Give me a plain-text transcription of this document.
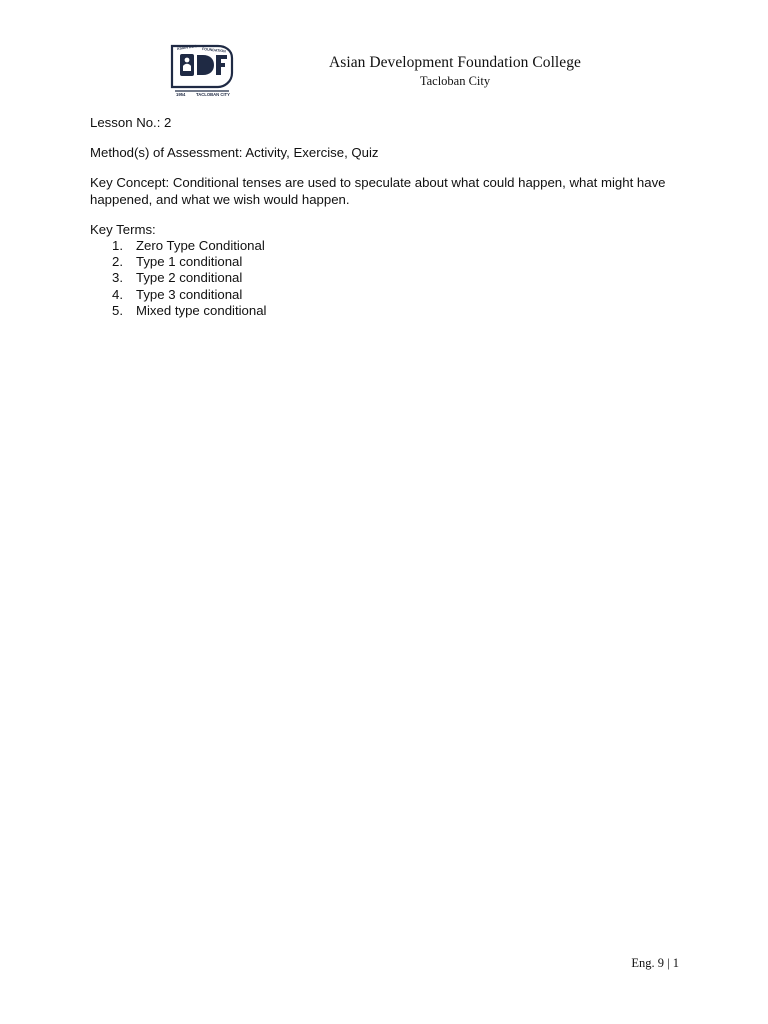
1954	TACLOBAN CITY
ASIAN DEV. FOUNDATION
Asian Development Foundation College
Tacloban City
Lesson No.: 2
Method(s) of Assessment: Activity, Exercise, Quiz
Key Concept: Conditional tenses are used to speculate about what could happen, what might have happened, and what we wish would happen.
Key Terms:
1. Zero Type Conditional
2. Type 1 conditional
3. Type 2 conditional
4. Type 3 conditional
5. Mixed type conditional
Eng. 9 | 1
